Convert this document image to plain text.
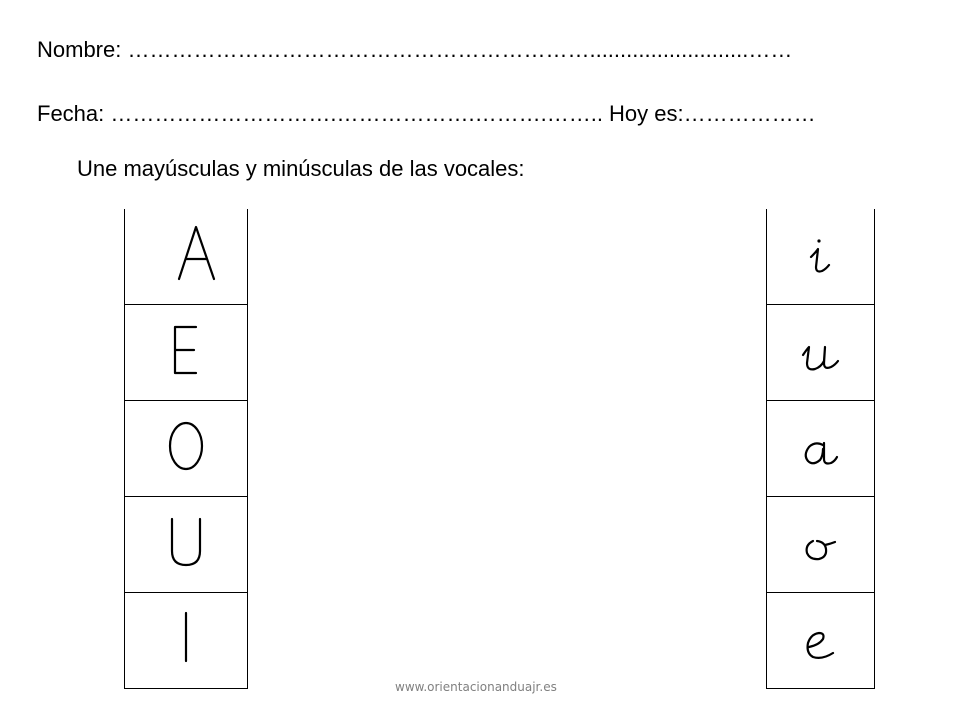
Nombre: ………………………………………………………..........................……
Fecha: ………………………….……………….……….…….. Hoy es:………………
Une mayúsculas y minúsculas de las vocales:
www.orientacionanduajr.es
